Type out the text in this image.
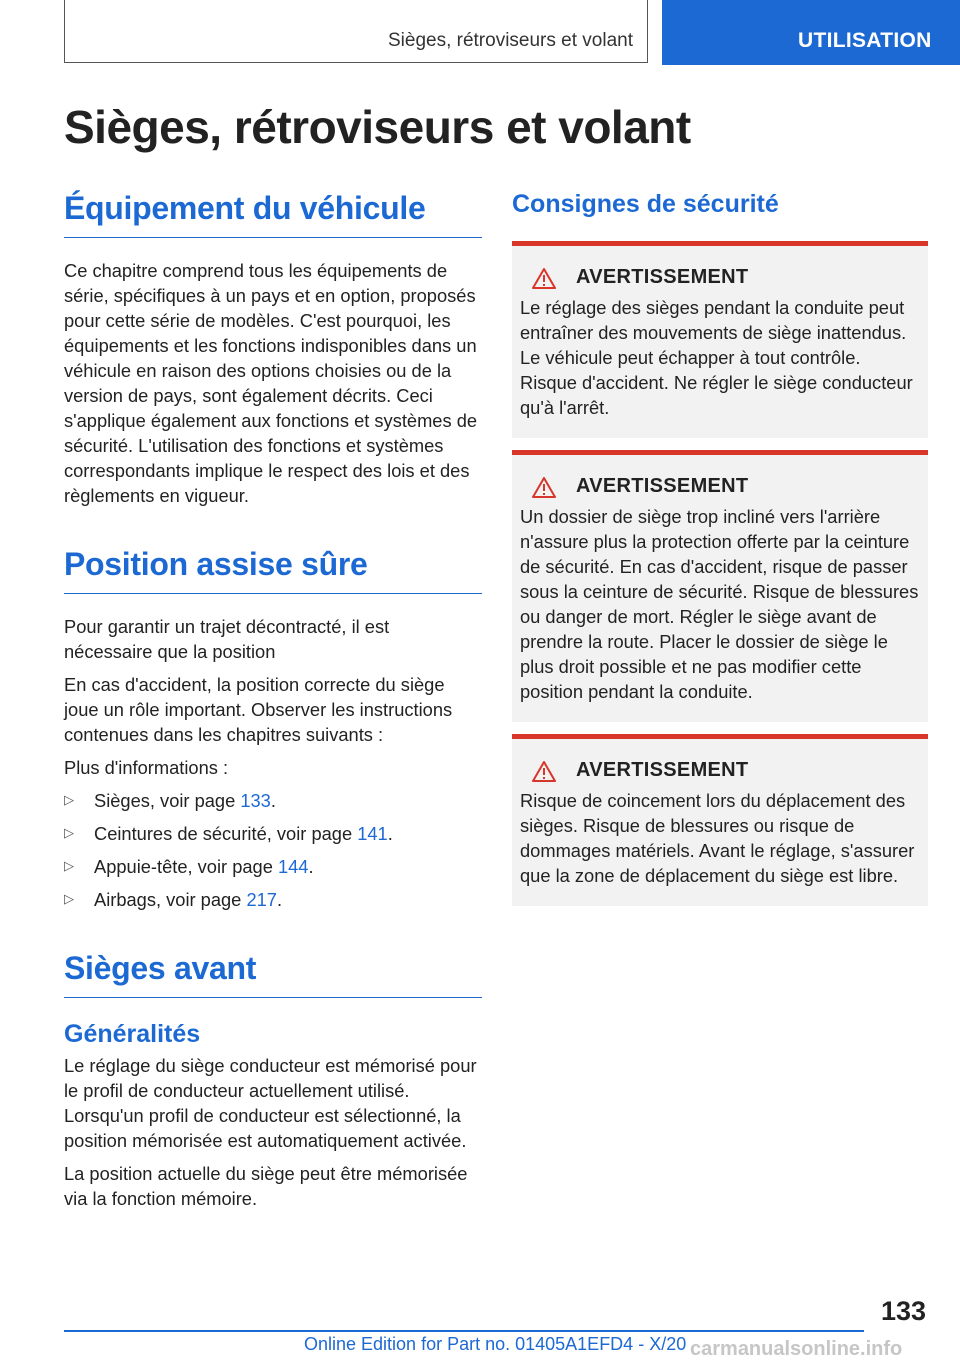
Sièges, rétroviseurs et volant	UTILISATION
Sièges, rétroviseurs et volant
Équipement du véhicule

Ce chapitre comprend tous les équipements de série, spécifiques à un pays et en option, proposés pour cette série de modèles. C'est pourquoi, les équipements et les fonctions indisponibles dans un véhicule en raison des options choisies ou de la version de pays, sont également décrits. Ceci s'applique également aux fonctions et systèmes de sécurité. L'utilisation des fonctions et systèmes correspondants implique le respect des lois et des règlements en vigueur.

Position assise sûre

Pour garantir un trajet décontracté, il est nécessaire que la position

En cas d'accident, la position correcte du siège joue un rôle important. Observer les instructions contenues dans les chapitres suivants :

Plus d'informations :

▷ Sièges, voir page 133.
▷ Ceintures de sécurité, voir page 141.
▷ Appuie-tête, voir page 144.
▷ Airbags, voir page 217.
Sièges avant
Généralités

Le réglage du siège conducteur est mémorisé pour le profil de conducteur actuellement utilisé. Lorsqu'un profil de conducteur est sélectionné, la position mémorisée est automatiquement activée.

La position actuelle du siège peut être mémorisée via la fonction mémoire.

Consignes de sécurité
AVERTISSEMENT

Le réglage des sièges pendant la conduite peut entraîner des mouvements de siège inattendus. Le véhicule peut échapper à tout contrôle. Risque d'accident. Ne régler le siège conducteur qu'à l'arrêt.

AVERTISSEMENT

Un dossier de siège trop incliné vers l'arrière n'assure plus la protection offerte par la ceinture de sécurité. En cas d'accident, risque de passer sous la ceinture de sécurité. Risque de blessures ou danger de mort. Régler le siège avant de prendre la route. Placer le dossier de siège le plus droit possible et ne pas modifier cette position pendant la conduite.

AVERTISSEMENT

Risque de coincement lors du déplacement des sièges. Risque de blessures ou risque de dommages matériels. Avant le réglage, s'assurer que la zone de déplacement du siège est libre.

133
Online Edition for Part no. 01405A1EFD4 - X/20 carmanualsonline.info
